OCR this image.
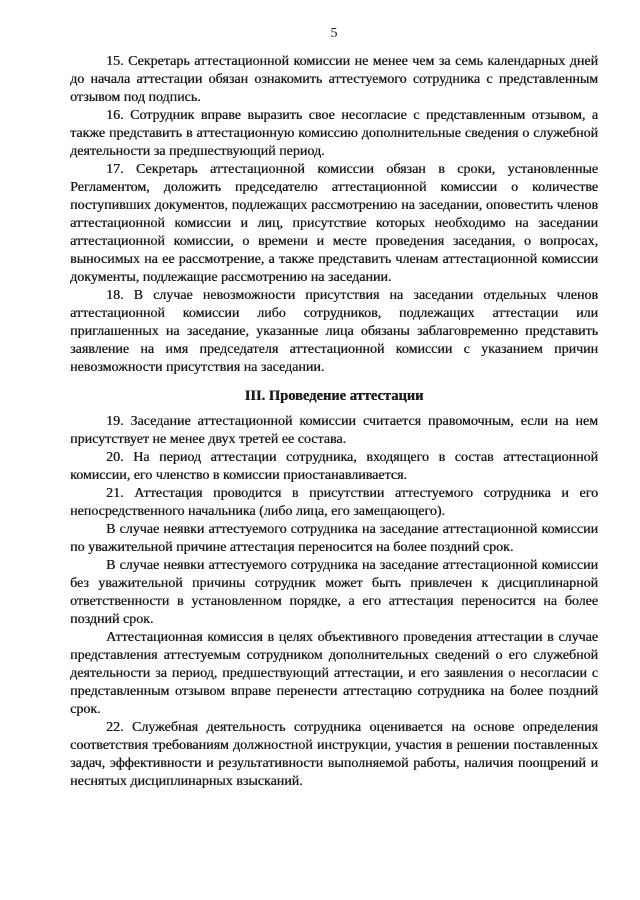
5

15. Секретарь аттестационной комиссии не менее чем за семь календарных дней до начала аттестации обязан ознакомить аттестуемого сотрудника с представленным отзывом под подпись.

16. Сотрудник вправе выразить свое несогласие с представленным отзывом, а также представить в аттестационную комиссию дополнительные сведения о служебной деятельности за предшествующий период.

17. Секретарь аттестационной комиссии обязан в сроки, установленные Регламентом, доложить председателю аттестационной комиссии о количестве поступивших документов, подлежащих рассмотрению на заседании, оповестить членов аттестационной комиссии и лиц, присутствие которых необходимо на заседании аттестационной комиссии, о времени и месте проведения заседания, о вопросах, выносимых на ее рассмотрение, а также представить членам аттестационной комиссии документы, подлежащие рассмотрению на заседании.

18. В случае невозможности присутствия на заседании отдельных членов аттестационной комиссии либо сотрудников, подлежащих аттестации или приглашенных на заседание, указанные лица обязаны заблаговременно представить заявление на имя председателя аттестационной комиссии с указанием причин невозможности присутствия на заседании.

III. Проведение аттестации

19. Заседание аттестационной комиссии считается правомочным, если на нем присутствует не менее двух третей ее состава.

20. На период аттестации сотрудника, входящего в состав аттестационной комиссии, его членство в комиссии приостанавливается.

21. Аттестация проводится в присутствии аттестуемого сотрудника и его непосредственного начальника (либо лица, его замещающего).

В случае неявки аттестуемого сотрудника на заседание аттестационной комиссии по уважительной причине аттестация переносится на более поздний срок.

В случае неявки аттестуемого сотрудника на заседание аттестационной комиссии без уважительной причины сотрудник может быть привлечен к дисциплинарной ответственности в установленном порядке, а его аттестация переносится на более поздний срок.

Аттестационная комиссия в целях объективного проведения аттестации в случае представления аттестуемым сотрудником дополнительных сведений о его служебной деятельности за период, предшествующий аттестации, и его заявления о несогласии с представленным отзывом вправе перенести аттестацию сотрудника на более поздний срок.

22. Служебная деятельность сотрудника оценивается на основе определения соответствия требованиям должностной инструкции, участия в решении поставленных задач, эффективности и результативности выполняемой работы, наличия поощрений и неснятых дисциплинарных взысканий.
